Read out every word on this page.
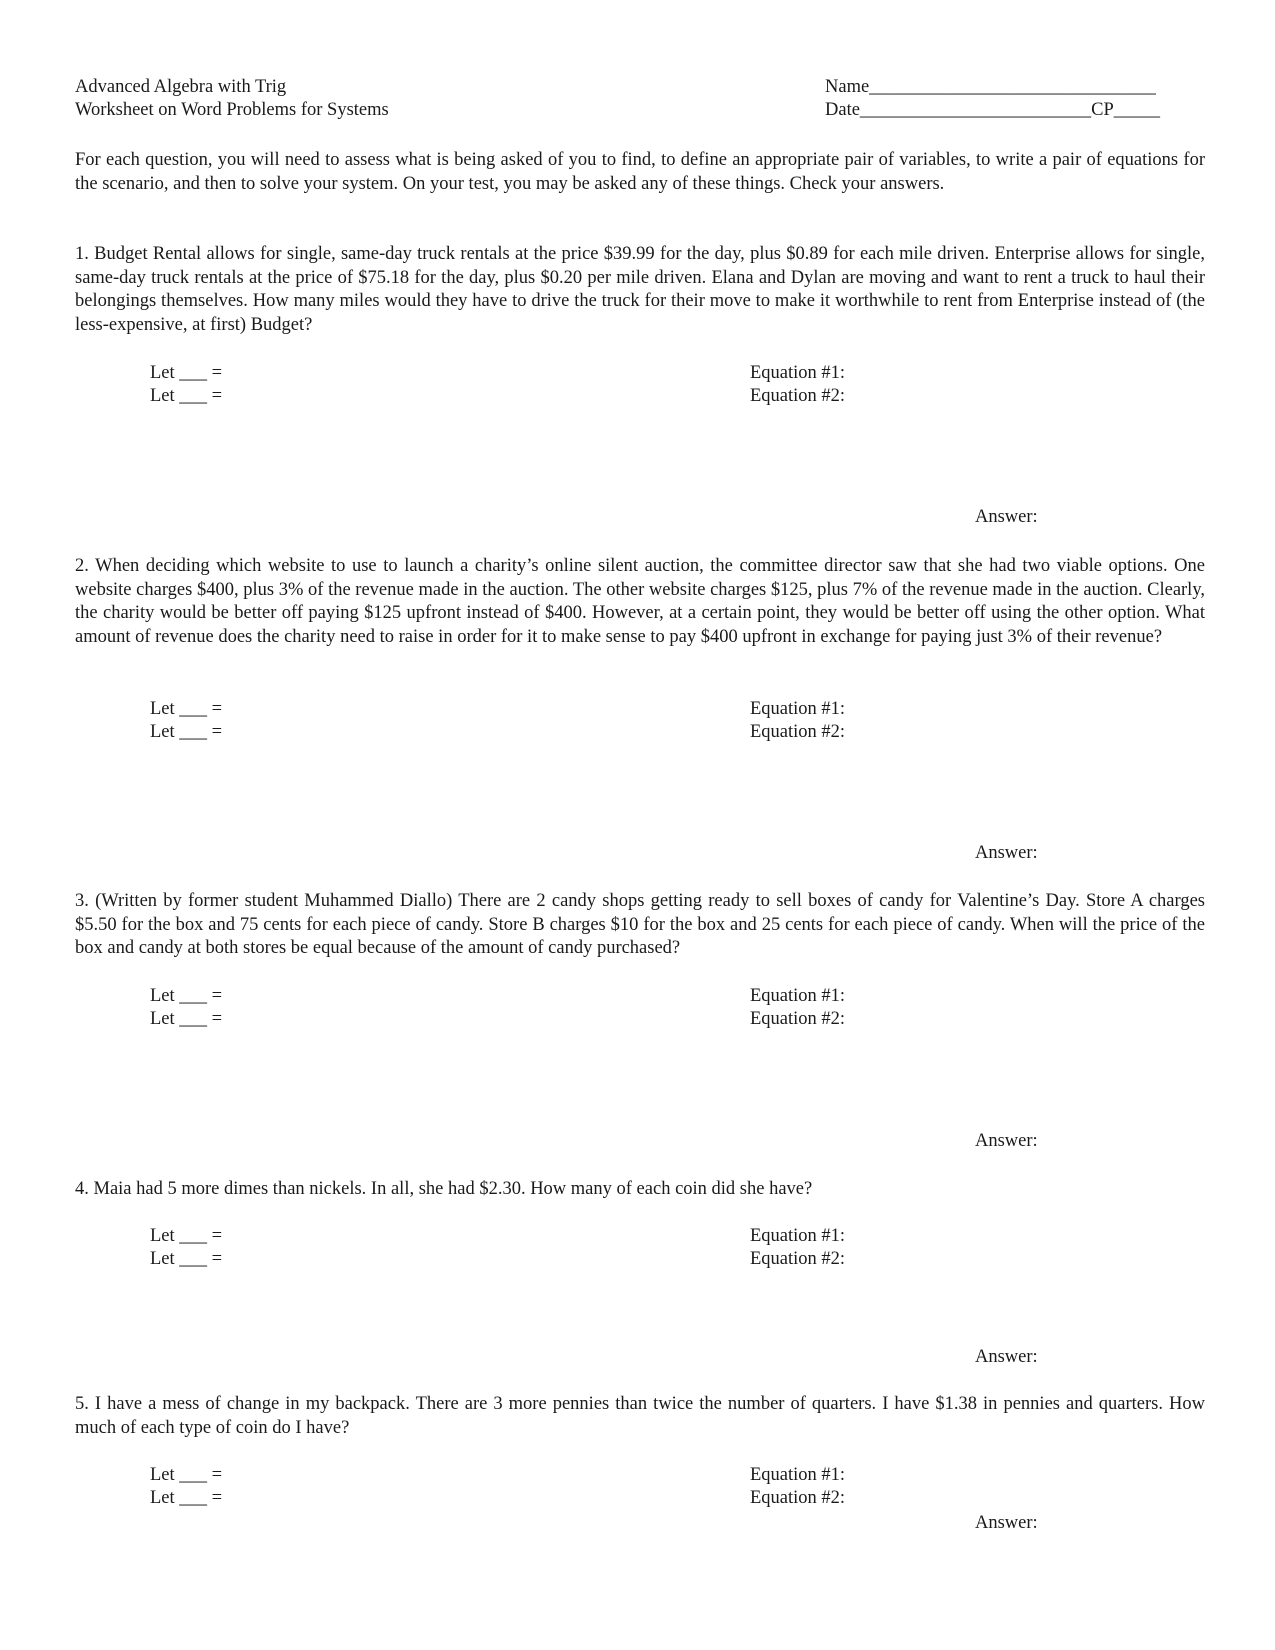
Advanced Algebra with Trig
Worksheet on Word Problems for Systems
Name_______________________________
Date_________________________CP_____

For each question, you will need to assess what is being asked of you to find, to define an appropriate pair of variables, to write a pair of equations for the scenario, and then to solve your system. On your test, you may be asked any of these things. Check your answers.

1. Budget Rental allows for single, same-day truck rentals at the price $39.99 for the day, plus $0.89 for each mile driven. Enterprise allows for single, same-day truck rentals at the price of $75.18 for the day, plus $0.20 per mile driven. Elana and Dylan are moving and want to rent a truck to haul their belongings themselves. How many miles would they have to drive the truck for their move to make it worthwhile to rent from Enterprise instead of (the less-expensive, at first) Budget?

Let ___ =
Let ___ =
Equation #1:
Equation #2:
Answer:

2. When deciding which website to use to launch a charity’s online silent auction, the committee director saw that she had two viable options. One website charges $400, plus 3% of the revenue made in the auction. The other website charges $125, plus 7% of the revenue made in the auction. Clearly, the charity would be better off paying $125 upfront instead of $400. However, at a certain point, they would be better off using the other option. What amount of revenue does the charity need to raise in order for it to make sense to pay $400 upfront in exchange for paying just 3% of their revenue?

Let ___ =
Let ___ =
Equation #1:
Equation #2:
Answer:

3. (Written by former student Muhammed Diallo) There are 2 candy shops getting ready to sell boxes of candy for Valentine’s Day. Store A charges $5.50 for the box and 75 cents for each piece of candy. Store B charges $10 for the box and 25 cents for each piece of candy. When will the price of the box and candy at both stores be equal because of the amount of candy purchased?

Let ___ =
Let ___ =
Equation #1:
Equation #2:
Answer:

4. Maia had 5 more dimes than nickels. In all, she had $2.30. How many of each coin did she have?

Let ___ =
Let ___ =
Equation #1:
Equation #2:
Answer:

5. I have a mess of change in my backpack. There are 3 more pennies than twice the number of quarters. I have $1.38 in pennies and quarters. How much of each type of coin do I have?

Let ___ =
Let ___ =
Equation #1:
Equation #2:
Answer:
